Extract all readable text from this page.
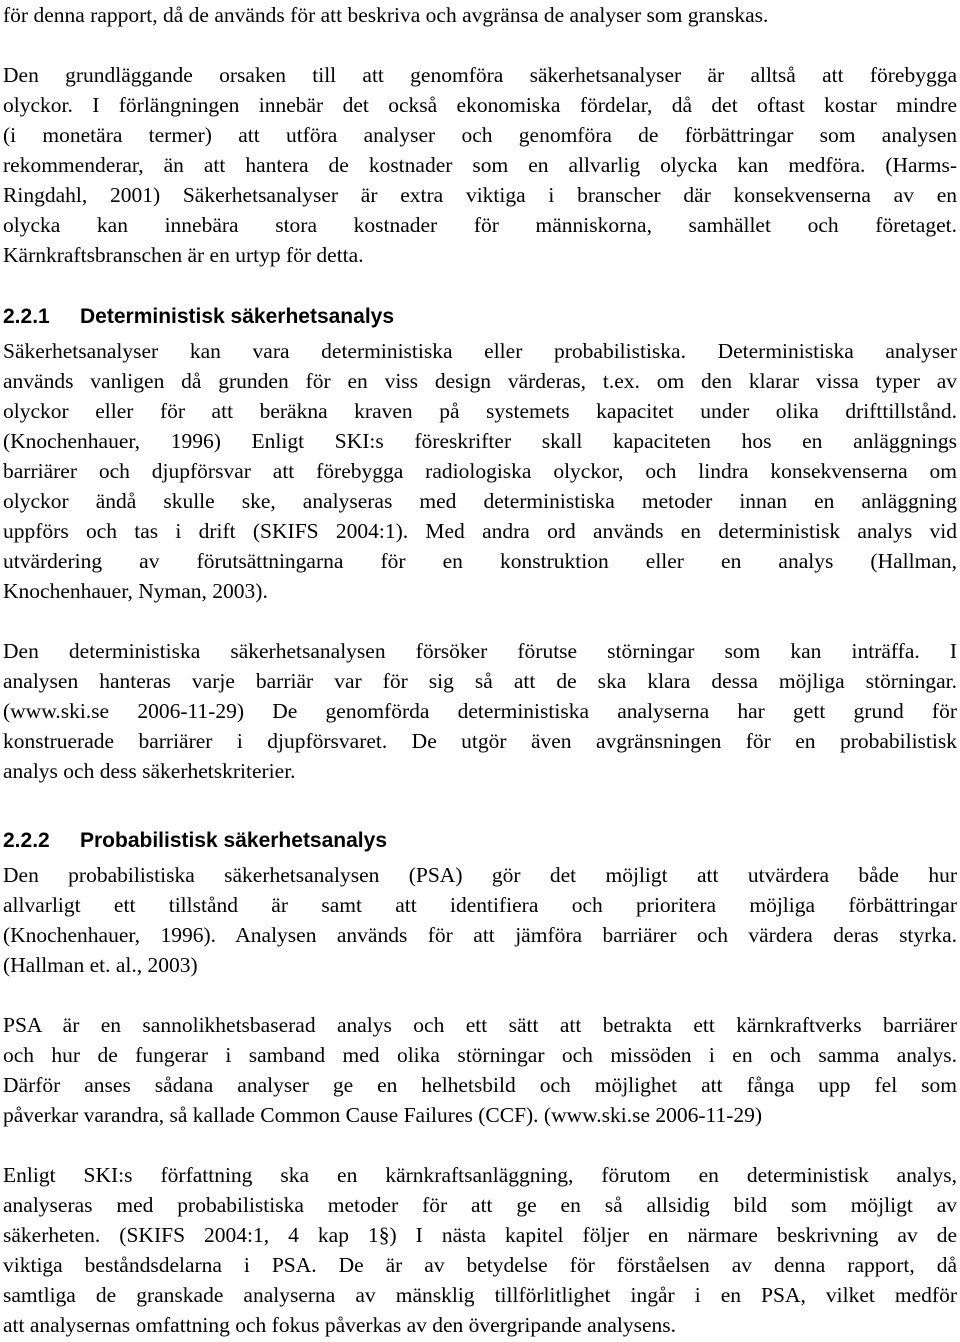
för denna rapport, då de används för att beskriva och avgränsa de analyser som granskas.
Den grundläggande orsaken till att genomföra säkerhetsanalyser är alltså att förebygga
olyckor. I förlängningen innebär det också ekonomiska fördelar, då det oftast kostar mindre
(i monetära termer) att utföra analyser och genomföra de förbättringar som analysen
rekommenderar, än att hantera de kostnader som en allvarlig olycka kan medföra. (Harms-
Ringdahl, 2001) Säkerhetsanalyser är extra viktiga i branscher där konsekvenserna av en
olycka kan innebära stora kostnader för människorna, samhället och företaget.
Kärnkraftsbranschen är en urtyp för detta.
2.2.1 Deterministisk säkerhetsanalys
Säkerhetsanalyser kan vara deterministiska eller probabilistiska. Deterministiska analyser
används vanligen då grunden för en viss design värderas, t.ex. om den klarar vissa typer av
olyckor eller för att beräkna kraven på systemets kapacitet under olika drifttillstånd.
(Knochenhauer, 1996) Enligt SKI:s föreskrifter skall kapaciteten hos en anläggnings
barriärer och djupförsvar att förebygga radiologiska olyckor, och lindra konsekvenserna om
olyckor ändå skulle ske, analyseras med deterministiska metoder innan en anläggning
uppförs och tas i drift (SKIFS 2004:1). Med andra ord används en deterministisk analys vid
utvärdering av förutsättningarna för en konstruktion eller en analys (Hallman,
Knochenhauer, Nyman, 2003).
Den deterministiska säkerhetsanalysen försöker förutse störningar som kan inträffa. I
analysen hanteras varje barriär var för sig så att de ska klara dessa möjliga störningar.
(www.ski.se 2006-11-29) De genomförda deterministiska analyserna har gett grund för
konstruerade barriärer i djupförsvaret. De utgör även avgränsningen för en probabilistisk
analys och dess säkerhetskriterier.
2.2.2 Probabilistisk säkerhetsanalys
Den probabilistiska säkerhetsanalysen (PSA) gör det möjligt att utvärdera både hur
allvarligt ett tillstånd är samt att identifiera och prioritera möjliga förbättringar
(Knochenhauer, 1996). Analysen används för att jämföra barriärer och värdera deras styrka.
(Hallman et. al., 2003)
PSA är en sannolikhetsbaserad analys och ett sätt att betrakta ett kärnkraftverks barriärer
och hur de fungerar i samband med olika störningar och missöden i en och samma analys.
Därför anses sådana analyser ge en helhetsbild och möjlighet att fånga upp fel som
påverkar varandra, så kallade Common Cause Failures (CCF). (www.ski.se 2006-11-29)
Enligt SKI:s författning ska en kärnkraftsanläggning, förutom en deterministisk analys,
analyseras med probabilistiska metoder för att ge en så allsidig bild som möjligt av
säkerheten. (SKIFS 2004:1, 4 kap 1§) I nästa kapitel följer en närmare beskrivning av de
viktiga beståndsdelarna i PSA. De är av betydelse för förståelsen av denna rapport, då
samtliga de granskade analyserna av mänsklig tillförlitlighet ingår i en PSA, vilket medför
att analysernas omfattning och fokus påverkas av den övergripande analysens.
